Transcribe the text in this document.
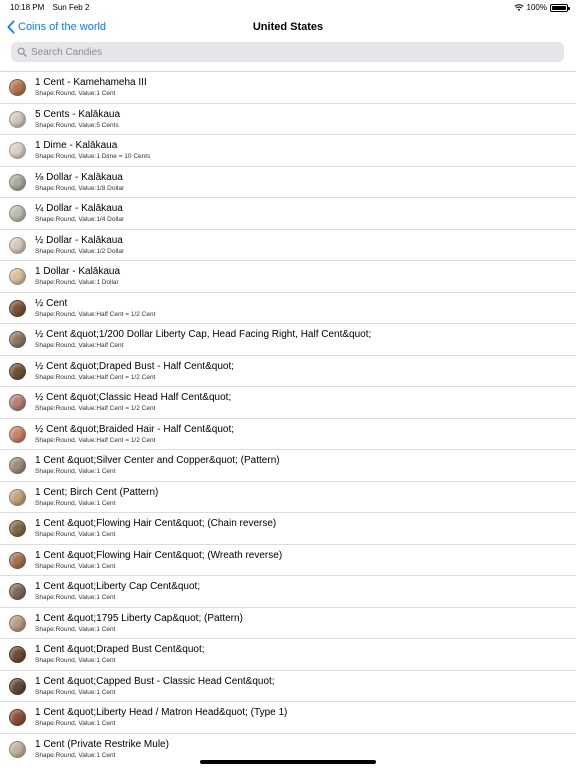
10:18 PM Sun Feb 2	100%
Coins of the world	United States
Search Candies
1 Cent - Kamehameha III
Shape:Round, Value:1 Cent
5 Cents - Kalākaua
Shape:Round, Value:5 Cents
1 Dime - Kalākaua
Shape:Round, Value:1 Dime = 10 Cents
⅛ Dollar - Kalākaua
Shape:Round, Value:1/8 Dollar
¼ Dollar - Kalākaua
Shape:Round, Value:1/4 Dollar
½ Dollar - Kalākaua
Shape:Round, Value:1/2 Dollar
1 Dollar - Kalākaua
Shape:Round, Value:1 Dollar
½ Cent
Shape:Round, Value:Half Cent = 1/2 Cent
½ Cent &quot;1/200 Dollar Liberty Cap, Head Facing Right, Half Cent&quot;
Shape:Round, Value:Half Cent
½ Cent &quot;Draped Bust - Half Cent&quot;
Shape:Round, Value:Half Cent = 1/2 Cent
½ Cent &quot;Classic Head Half Cent&quot;
Shape:Round, Value:Half Cent = 1/2 Cent
½ Cent &quot;Braided Hair - Half Cent&quot;
Shape:Round, Value:Half Cent = 1/2 Cent
1 Cent &quot;Silver Center and Copper&quot; (Pattern)
Shape:Round, Value:1 Cent
1 Cent; Birch Cent (Pattern)
Shape:Round, Value:1 Cent
1 Cent &quot;Flowing Hair Cent&quot; (Chain reverse)
Shape:Round, Value:1 Cent
1 Cent &quot;Flowing Hair Cent&quot; (Wreath reverse)
Shape:Round, Value:1 Cent
1 Cent &quot;Liberty Cap Cent&quot;
Shape:Round, Value:1 Cent
1 Cent &quot;1795 Liberty Cap&quot; (Pattern)
Shape:Round, Value:1 Cent
1 Cent &quot;Draped Bust Cent&quot;
Shape:Round, Value:1 Cent
1 Cent &quot;Capped Bust - Classic Head Cent&quot;
Shape:Round, Value:1 Cent
1 Cent &quot;Liberty Head / Matron Head&quot; (Type 1)
Shape:Round, Value:1 Cent
1 Cent (Private Restrike Mule)
Shape:Round, Value:1 Cent
